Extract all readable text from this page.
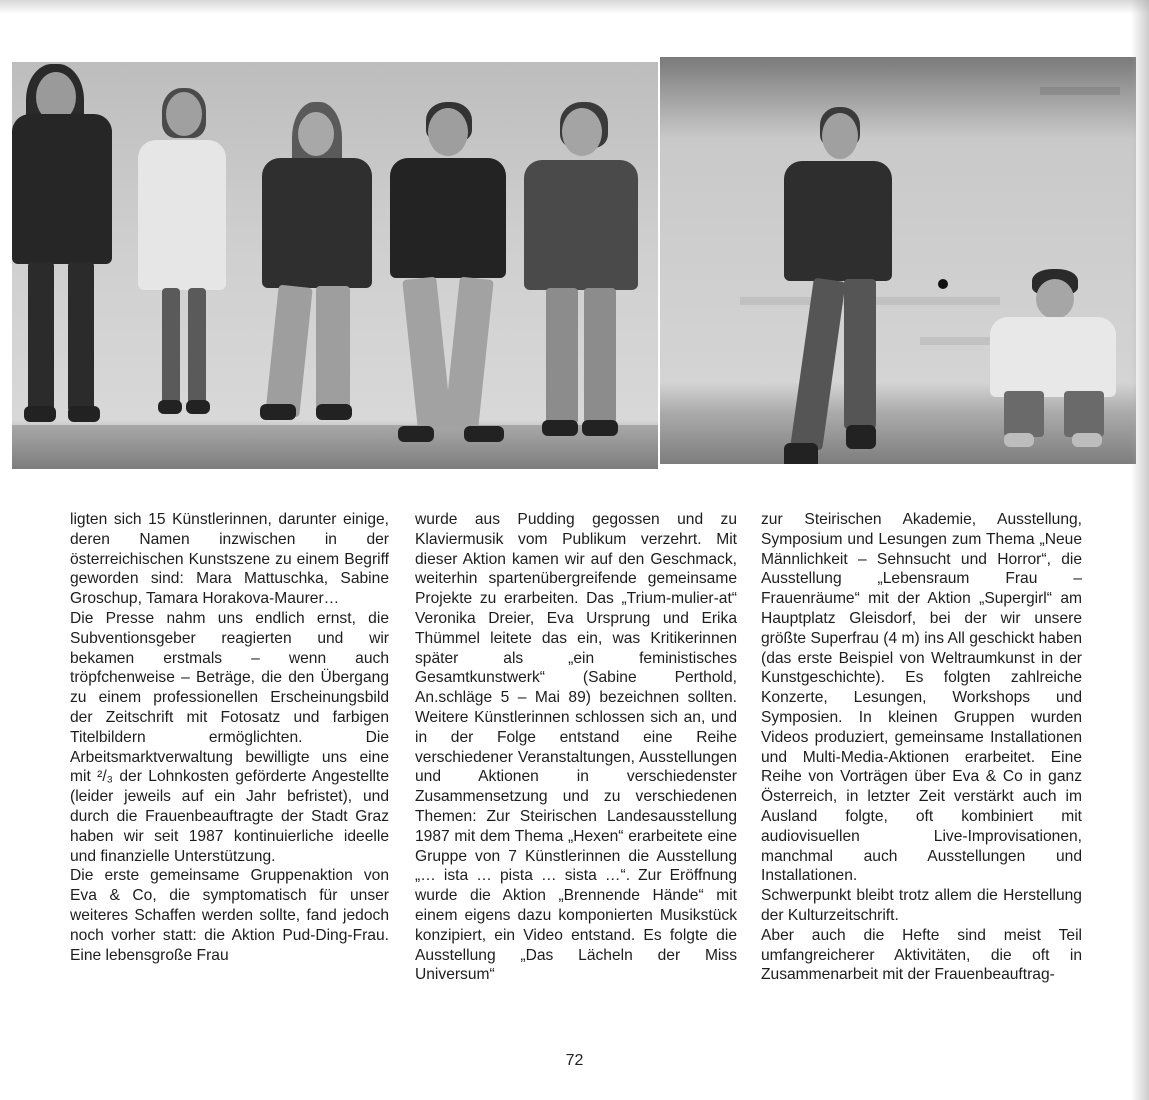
ligten sich 15 Künstlerinnen, darunter einige, deren Namen inzwischen in der österreichischen Kunstszene zu einem Begriff geworden sind: Mara Mattuschka, Sabine Groschup, Tamara Horakova-Maurer…

Die Presse nahm uns endlich ernst, die Subventionsgeber reagierten und wir bekamen erstmals – wenn auch tröpfchenweise – Beträge, die den Übergang zu einem professionellen Erscheinungsbild der Zeitschrift mit Fotosatz und farbigen Titelbildern ermöglichten. Die Arbeitsmarktverwaltung bewilligte uns eine mit ²/₃ der Lohnkosten geförderte Angestellte (leider jeweils auf ein Jahr befristet), und durch die Frauenbeauftragte der Stadt Graz haben wir seit 1987 kontinuierliche ideelle und finanzielle Unterstützung.

Die erste gemeinsame Gruppenaktion von Eva & Co, die symptomatisch für unser weiteres Schaffen werden sollte, fand jedoch noch vorher statt: die Aktion Pud-Ding-Frau. Eine lebensgroße Frau

wurde aus Pudding gegossen und zu Klaviermusik vom Publikum verzehrt. Mit dieser Aktion kamen wir auf den Geschmack, weiterhin spartenübergreifende gemeinsame Projekte zu erarbeiten. Das „Trium-mulier-at“ Veronika Dreier, Eva Ursprung und Erika Thümmel leitete das ein, was Kritikerinnen später als „ein feministisches Gesamtkunstwerk“ (Sabine Perthold, An.schläge 5 – Mai 89) bezeichnen sollten. Weitere Künstlerinnen schlossen sich an, und in der Folge entstand eine Reihe verschiedener Veranstaltungen, Ausstellungen und Aktionen in verschiedenster Zusammensetzung und zu verschiedenen Themen: Zur Steirischen Landesausstellung 1987 mit dem Thema „Hexen“ erarbeitete eine Gruppe von 7 Künstlerinnen die Ausstellung „… ista … pista … sista …“. Zur Eröffnung wurde die Aktion „Brennende Hände“ mit einem eigens dazu komponierten Musikstück konzipiert, ein Video entstand. Es folgte die Ausstellung „Das Lächeln der Miss Universum“

zur Steirischen Akademie, Ausstellung, Symposium und Lesungen zum Thema „Neue Männlichkeit – Sehnsucht und Horror“, die Ausstellung „Lebensraum Frau – Frauenräume“ mit der Aktion „Supergirl“ am Hauptplatz Gleisdorf, bei der wir unsere größte Superfrau (4 m) ins All geschickt haben (das erste Beispiel von Weltraumkunst in der Kunstgeschichte). Es folgten zahlreiche Konzerte, Lesungen, Workshops und Symposien. In kleinen Gruppen wurden Videos produziert, gemeinsame Installationen und Multi-Media-Aktionen erarbeitet. Eine Reihe von Vorträgen über Eva & Co in ganz Österreich, in letzter Zeit verstärkt auch im Ausland folgte, oft kombiniert mit audiovisuellen Live-Improvisationen, manchmal auch Ausstellungen und Installationen.

Schwerpunkt bleibt trotz allem die Herstellung der Kulturzeitschrift.

Aber auch die Hefte sind meist Teil umfangreicherer Aktivitäten, die oft in Zusammenarbeit mit der Frauenbeauftrag-

72
